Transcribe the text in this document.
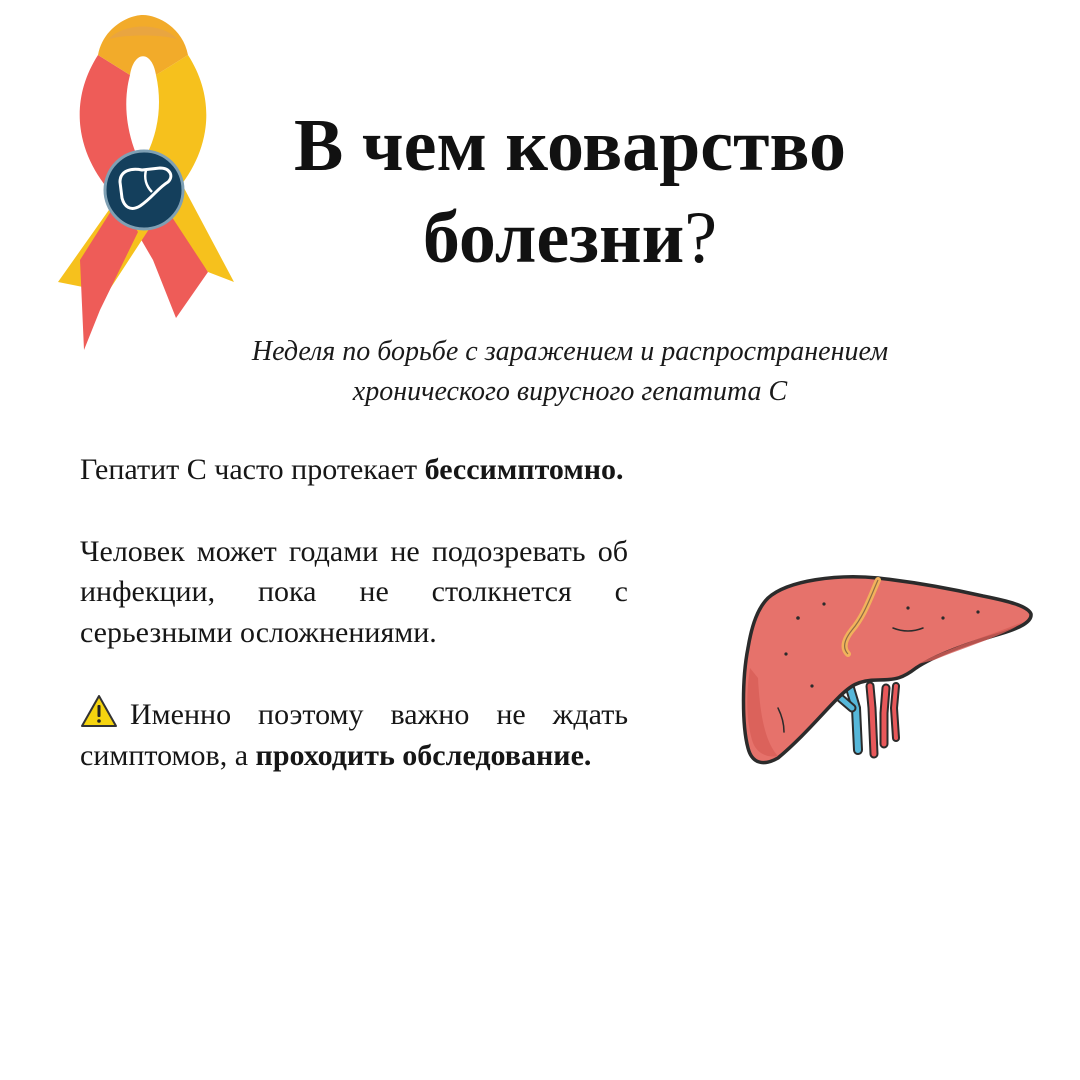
В чем коварство
болезни?
Неделя по борьбе с заражением и распространением
хронического вирусного гепатита С

Гепатит С часто протекает бессимптомно.

Человек может годами не подозревать об инфекции, пока не столкнется с серьезными осложнениями.

Именно поэтому важно не ждать симптомов, а проходить обследование.
